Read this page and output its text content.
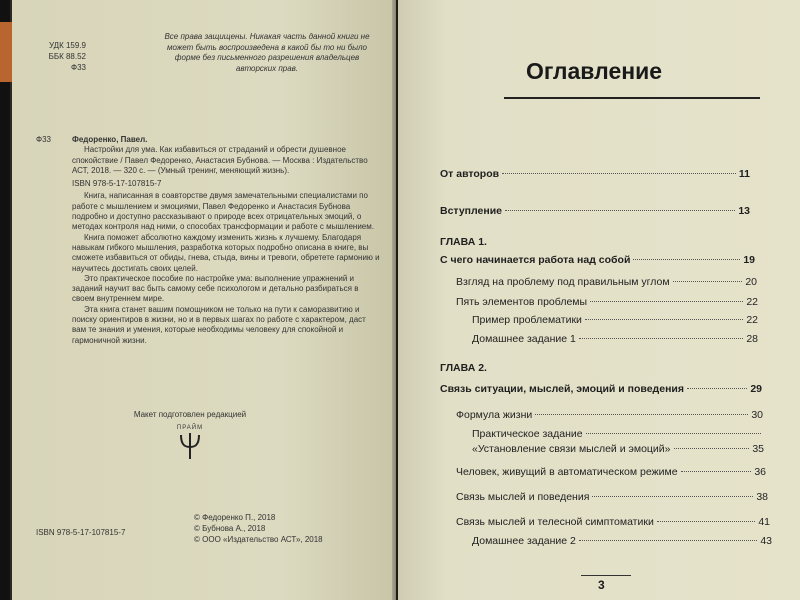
УДК 159.9
ББК 88.52
Ф33
Все права защищены. Никакая часть данной книги не может быть воспроизведена в какой бы то ни было форме без письменного разрешения владельцев авторских прав.
Ф33	Федоренко, Павел.

Настройки для ума. Как избавиться от страданий и обрести душевное спокойствие / Павел Федоренко, Анастасия Бубнова. — Москва : Издательство АСТ, 2018. — 320 с. — (Умный тренинг, меняющий жизнь).

ISBN 978-5-17-107815-7

Книга, написанная в соавторстве двумя замечательными специалистами по работе с мышлением и эмоциями, Павел Федоренко и Анастасия Бубнова подробно и доступно рассказывают о природе всех отрицательных эмоций, о методах контроля над ними, о способах трансформации и работе с мышлением.

Книга поможет абсолютно каждому изменить жизнь к лучшему. Благодаря навыкам гибкого мышления, разработка которых подробно описана в книге, вы сможете избавиться от обиды, гнева, стыда, вины и тревоги, обретете гармонию и научитесь достигать своих целей.

Это практическое пособие по настройке ума: выполнение упражнений и заданий научит вас быть самому себе психологом и детально разбираться в своем внутреннем мире.

Эта книга станет вашим помощником не только на пути к саморазвитию и поиску ориентиров в жизни, но и в первых шагах по работе с характером, даст вам те знания и умения, которые необходимы человеку для спокойной и гармоничной жизни.

Макет подготовлен редакцией
ПРАЙМ
ISBN 978-5-17-107815-7
© Федоренко П., 2018
© Бубнова А., 2018
© ООО «Издательство АСТ», 2018
Оглавление
От авторов	11
Вступление	13
ГЛАВА 1.
С чего начинается работа над собой	19
Взгляд на проблему под правильным углом	20
Пять элементов проблемы	22
Пример проблематики	22
Домашнее задание 1	28
ГЛАВА 2.
Связь ситуации, мыслей, эмоций и поведения	29
Формула жизни	30
Практическое задание
«Установление связи мыслей и эмоций»	35
Человек, живущий в автоматическом режиме	36
Связь мыслей и поведения	38
Связь мыслей и телесной симптоматики	41
Домашнее задание 2	43
3
